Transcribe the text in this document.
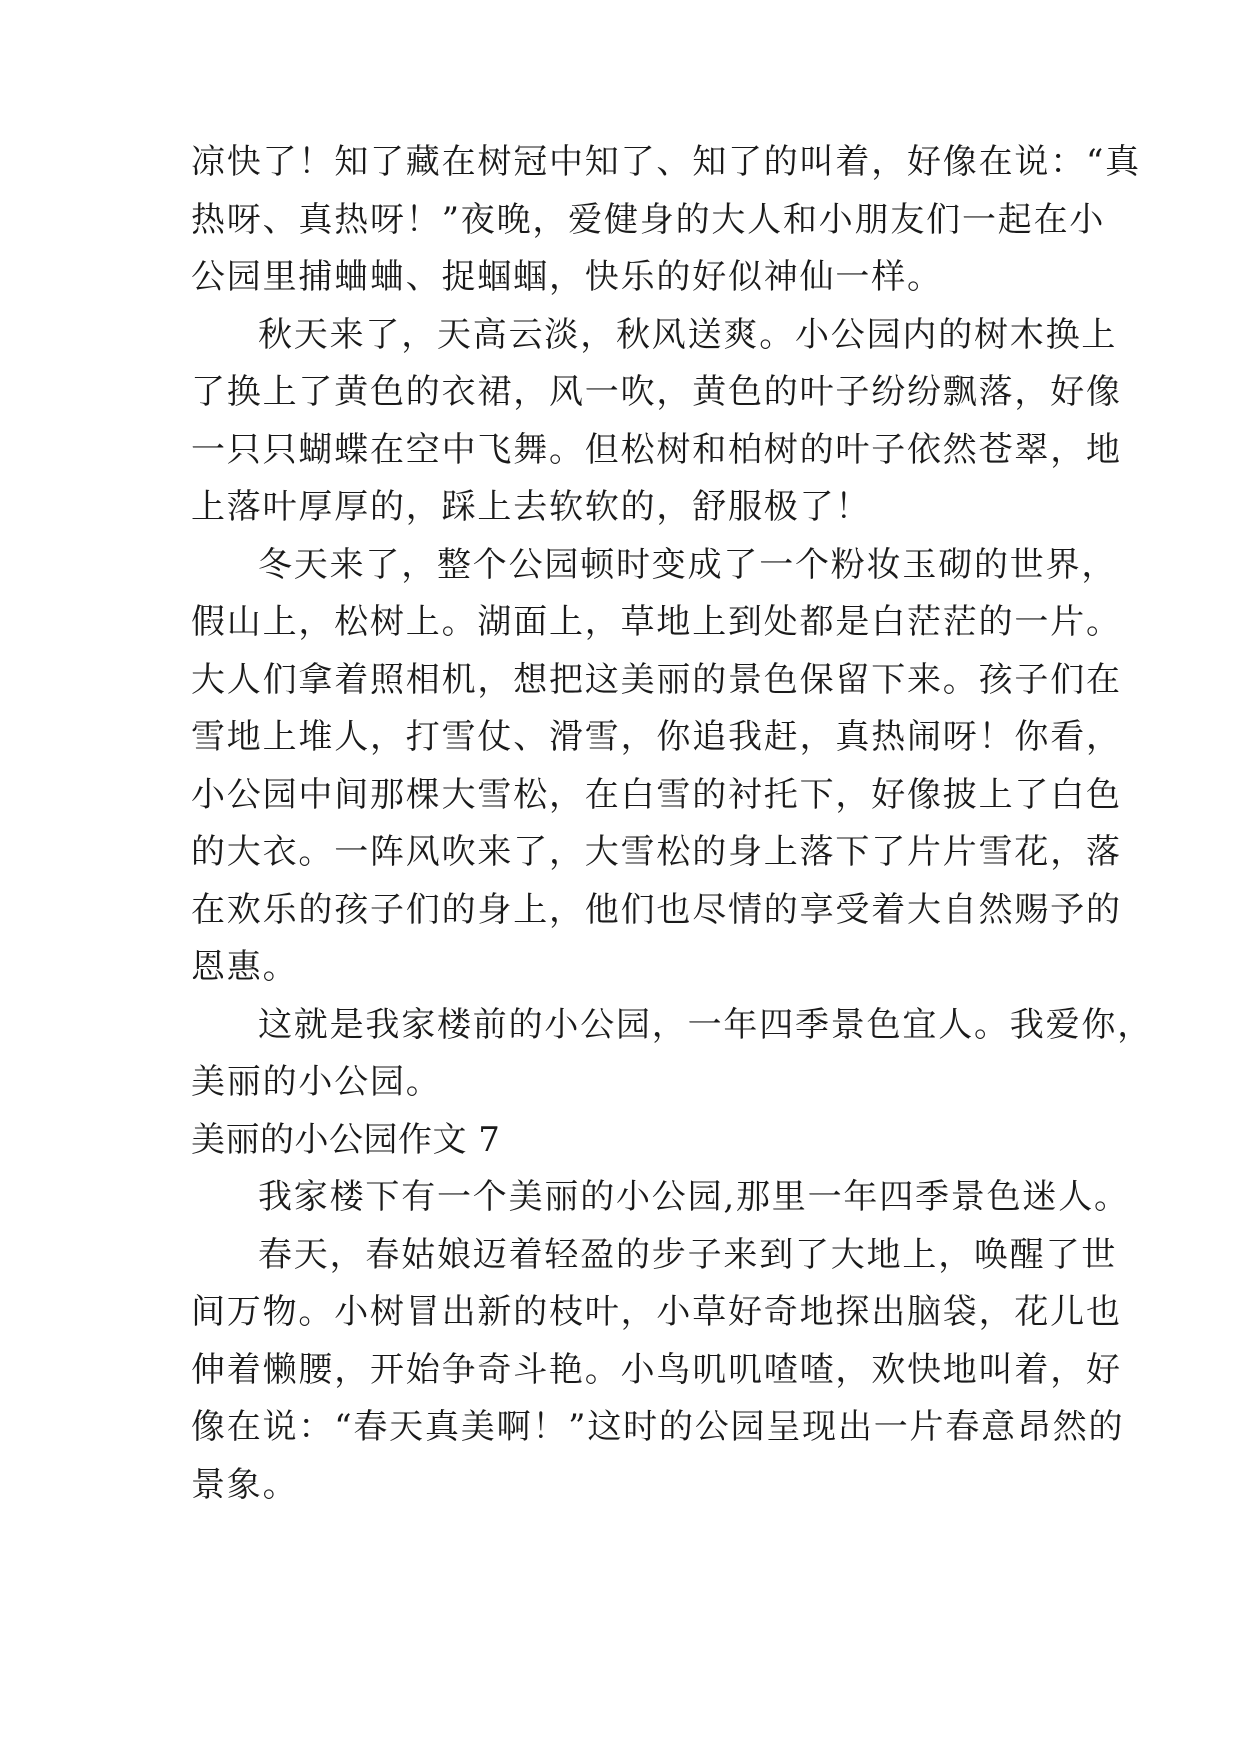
凉快了！知了藏在树冠中知了、知了的叫着，好像在说：“真
热呀、真热呀！”夜晚，爱健身的大人和小朋友们一起在小
公园里捕蛐蛐、捉蝈蝈，快乐的好似神仙一样。
秋天来了，天高云淡，秋风送爽。小公园内的树木换上
了换上了黄色的衣裙，风一吹，黄色的叶子纷纷飘落，好像
一只只蝴蝶在空中飞舞。但松树和柏树的叶子依然苍翠，地
上落叶厚厚的，踩上去软软的，舒服极了！
冬天来了，整个公园顿时变成了一个粉妆玉砌的世界，
假山上，松树上。湖面上，草地上到处都是白茫茫的一片。
大人们拿着照相机，想把这美丽的景色保留下来。孩子们在
雪地上堆人，打雪仗、滑雪，你追我赶，真热闹呀！你看，
小公园中间那棵大雪松，在白雪的衬托下，好像披上了白色
的大衣。一阵风吹来了，大雪松的身上落下了片片雪花，落
在欢乐的孩子们的身上，他们也尽情的享受着大自然赐予的
恩惠。
这就是我家楼前的小公园，一年四季景色宜人。我爱你，
美丽的小公园。
美丽的小公园作文 7
我家楼下有一个美丽的小公园,那里一年四季景色迷人。
春天，春姑娘迈着轻盈的步子来到了大地上，唤醒了世
间万物。小树冒出新的枝叶，小草好奇地探出脑袋，花儿也
伸着懒腰，开始争奇斗艳。小鸟叽叽喳喳，欢快地叫着，好
像在说：“春天真美啊！”这时的公园呈现出一片春意昂然的
景象。
